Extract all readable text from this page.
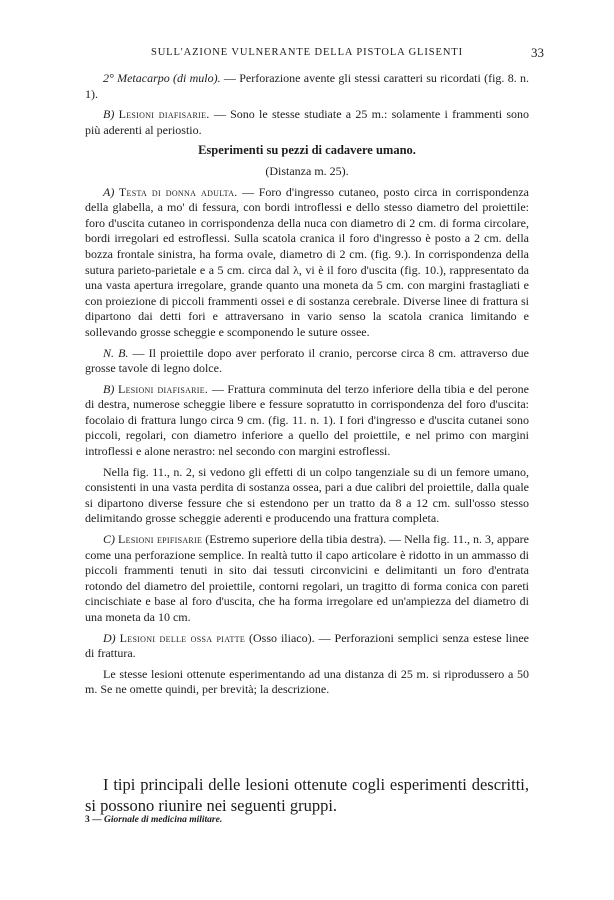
SULL'AZIONE VULNERANTE DELLA PISTOLA GLISENTI	33

2° Metacarpo (di mulo). — Perforazione avente gli stessi caratteri su ricordati (fig. 8. n. 1).

B) Lesioni diafisarie. — Sono le stesse studiate a 25 m.: solamente i frammenti sono più aderenti al periostio.

Esperimenti su pezzi di cadavere umano.

(Distanza m. 25).

A) Testa di donna adulta. — Foro d'ingresso cutaneo, posto circa in corrispondenza della glabella, a mo' di fessura, con bordi introflessi e dello stesso diametro del proiettile: foro d'uscita cutaneo in corrispondenza della nuca con diametro di 2 cm. di forma circolare, bordi irregolari ed estroflessi. Sulla scatola cranica il foro d'ingresso è posto a 2 cm. della bozza frontale sinistra, ha forma ovale, diametro di 2 cm. (fig. 9.). In corrispondenza della sutura parieto-parietale e a 5 cm. circa dal λ, vi è il foro d'uscita (fig. 10.), rappresentato da una vasta apertura irregolare, grande quanto una moneta da 5 cm. con margini frastagliati e con proiezione di piccoli frammenti ossei e di sostanza cerebrale. Diverse linee di frattura si dipartono dai detti fori e attraversano in vario senso la scatola cranica limitando e sollevando grosse scheggie e scomponendo le suture ossee.

N. B. — Il proiettile dopo aver perforato il cranio, percorse circa 8 cm. attraverso due grosse tavole di legno dolce.

B) Lesioni diafisarie. — Frattura comminuta del terzo inferiore della tibia e del perone di destra, numerose scheggie libere e fessure sopratutto in corrispondenza del foro d'uscita: focolaio di frattura lungo circa 9 cm. (fig. 11. n. 1). I fori d'ingresso e d'uscita cutanei sono piccoli, regolari, con diametro inferiore a quello del proiettile, e nel primo con margini introflessi e alone nerastro: nel secondo con margini estroflessi.

Nella fig. 11., n. 2, si vedono gli effetti di un colpo tangenziale su di un femore umano, consistenti in una vasta perdita di sostanza ossea, pari a due calibri del proiettile, dalla quale si dipartono diverse fessure che si estendono per un tratto da 8 a 12 cm. sull'osso stesso delimitando grosse scheggie aderenti e producendo una frattura completa.

C) Lesioni epifisarie (Estremo superiore della tibia destra). — Nella fig. 11., n. 3, appare come una perforazione semplice. In realtà tutto il capo articolare è ridotto in un ammasso di piccoli frammenti tenuti in sito dai tessuti circonvicini e delimitanti un foro d'entrata rotondo del diametro del proiettile, contorni regolari, un tragitto di forma conica con pareti cincischiate e base al foro d'uscita, che ha forma irregolare ed un'ampiezza del diametro di una moneta da 10 cm.

D) Lesioni delle ossa piatte (Osso iliaco). — Perforazioni semplici senza estese linee di frattura.

Le stesse lesioni ottenute esperimentando ad una distanza di 25 m. si riprodussero a 50 m. Se ne omette quindi, per brevità; la descrizione.

I tipi principali delle lesioni ottenute cogli esperimenti descritti, si possono riunire nei seguenti gruppi.

3 — Giornale di medicina militare.
